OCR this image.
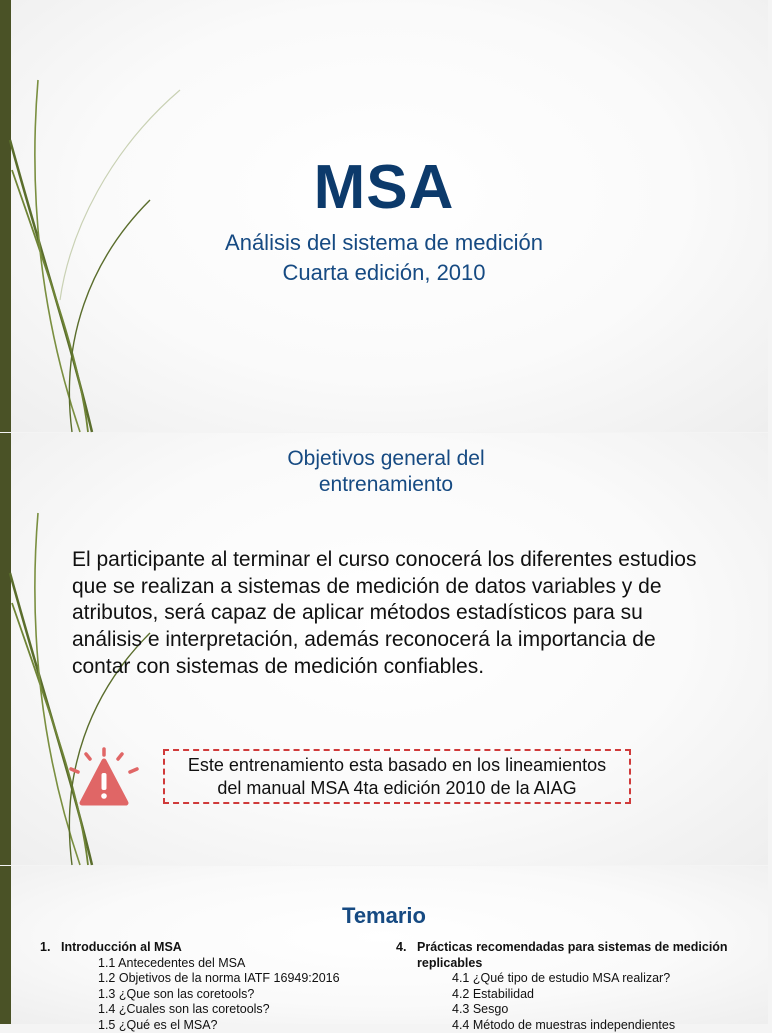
MSA
Análisis del sistema de medición
Cuarta edición, 2010
Objetivos general del
entrenamiento
El participante al terminar el curso conocerá los diferentes estudios que se realizan a sistemas de medición de datos variables y de atributos, será capaz de aplicar métodos estadísticos para su análisis e interpretación, además reconocerá la importancia de contar con sistemas de medición confiables.
Este entrenamiento esta basado en los lineamientos
del manual MSA 4ta edición 2010 de la AIAG
Temario
1. Introducción al MSA
1.1 Antecedentes del MSA
1.2 Objetivos de la norma IATF 16949:2016
1.3 ¿Que son las coretools?
1.4 ¿Cuales son las coretools?
1.5 ¿Qué es el MSA?
4. Prácticas recomendadas para sistemas de medición
replicables
4.1 ¿Qué tipo de estudio MSA realizar?
4.2 Estabilidad
4.3 Sesgo
4.4 Método de muestras independientes
